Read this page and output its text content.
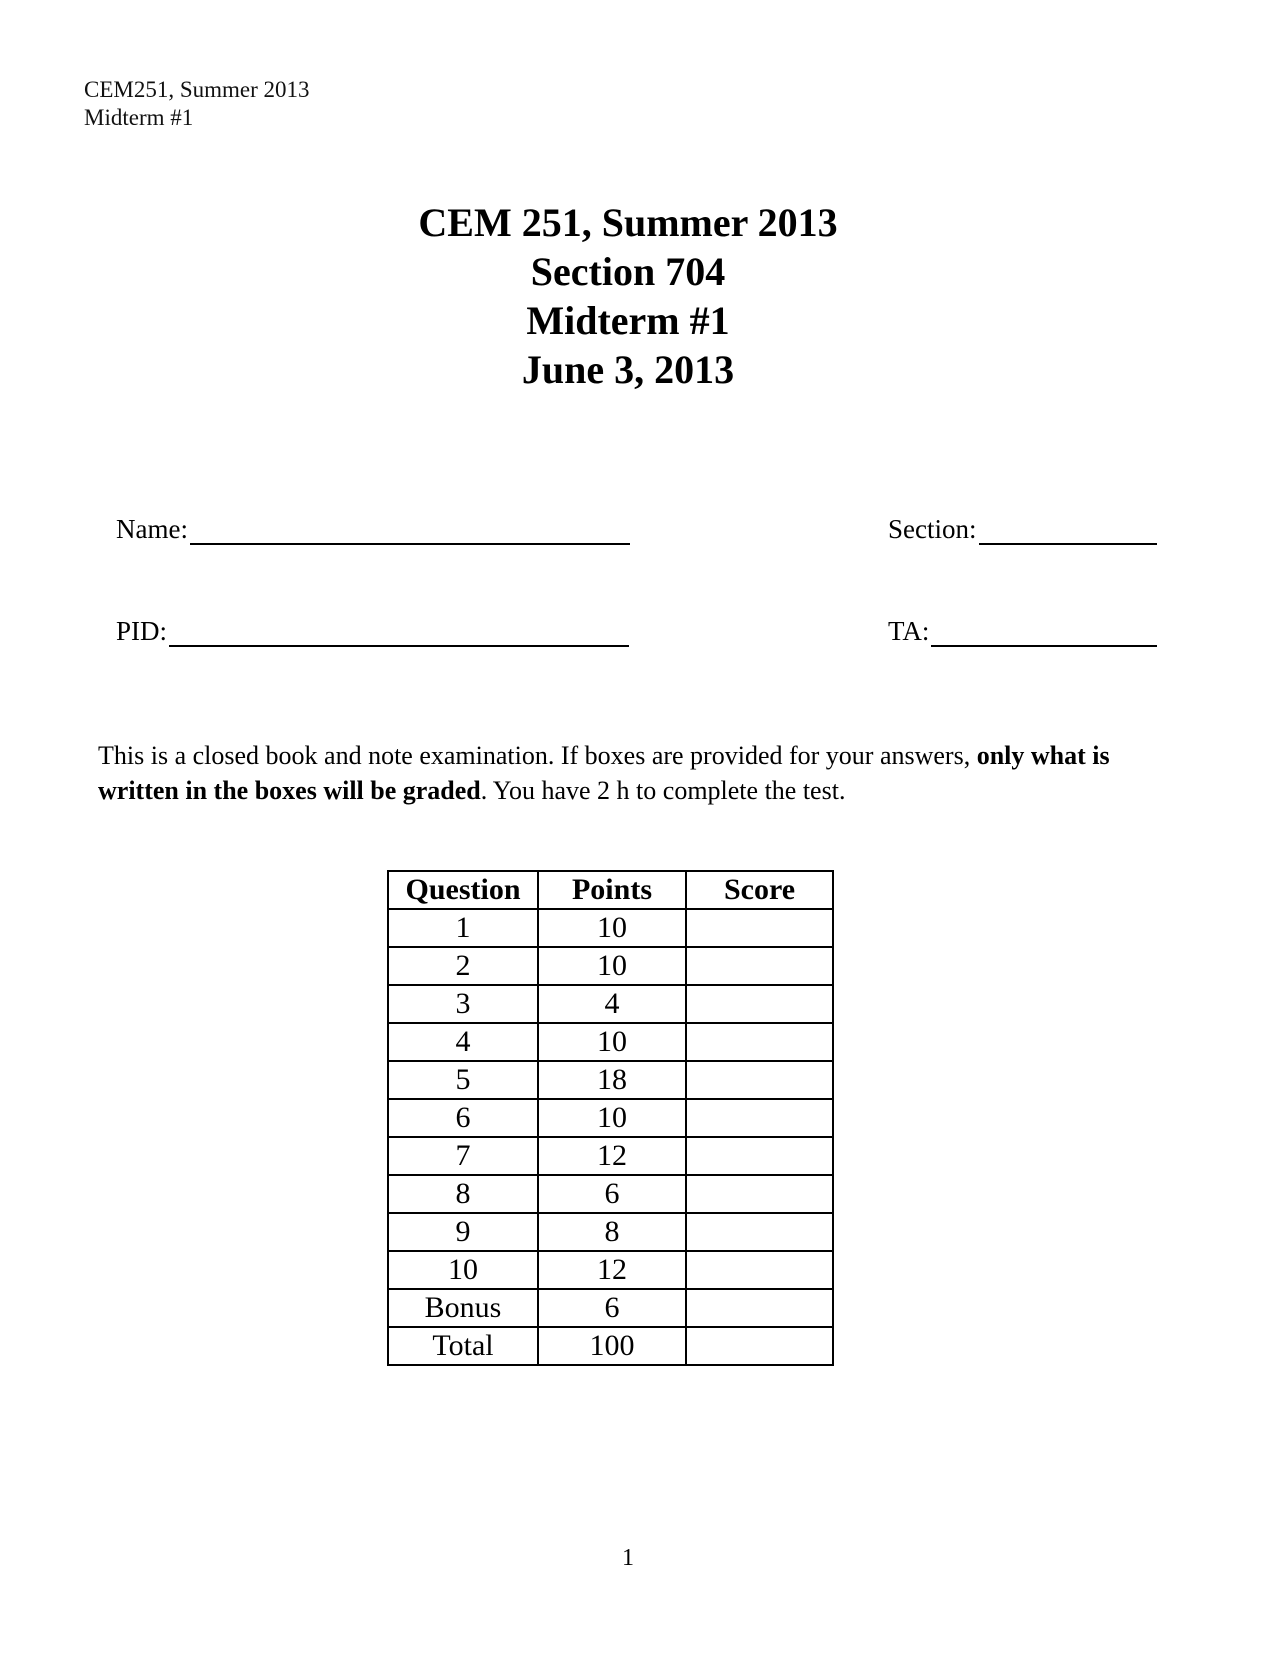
CEM251, Summer 2013
Midterm #1
CEM 251, Summer 2013
Section 704
Midterm #1
June 3, 2013
Name:	Section:
PID:	TA:
This is a closed book and note examination. If boxes are provided for your answers, only what is written in the boxes will be graded. You have 2 h to complete the test.
Question	Points	Score
1	10	
2	10	
3	4	
4	10	
5	18	
6	10	
7	12	
8	6	
9	8	
10	12	
Bonus	6	
Total	100	
1
